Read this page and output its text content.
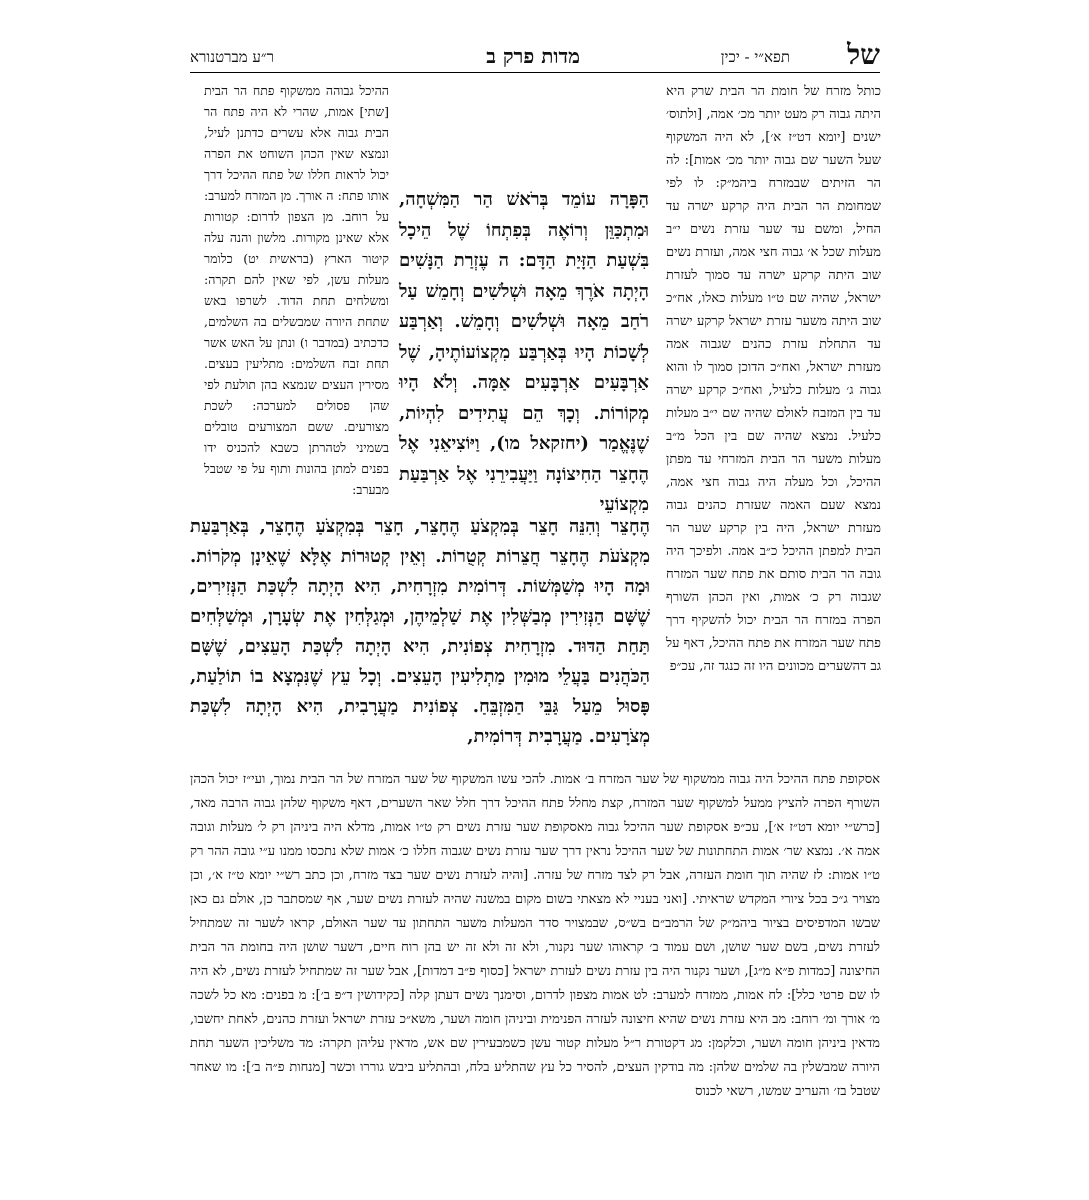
של
תפא״י - יכין
מדות פרק ב
ר״ע מברטנורא

כותל מזרח של חומת הר הבית שרק היא היתה גבוה רק מעט יותר מכ׳ אמה, [ולתוס׳ ישנים [יומא דט״ז א׳], לא היה המשקוף שעל השער שם גבוה יותר מכ׳ אמות]: לה הר הזיתים שבמזרח ביהמ״ק: לו לפי שמחומת הר הבית היה קרקע ישרה עד החיל, ומשם עד שער עזרת נשים י״ב מעלות שכל א׳ גבוה חצי אמה, ועזרת נשים שוב היתה קרקע ישרה עד סמוך לעזרת ישראל, שהיה שם ט״ו מעלות כאלו, אח״כ שוב היתה משער עזרת ישראל קרקע ישרה עד התחלת עזרת כהנים שגבוה אמה מעזרת ישראל, ואח״כ הדוכן סמוך לו והוא גבוה ג׳ מעלות כלעיל, ואח״כ קרקע ישרה עד בין המזבח לאולם שהיה שם י״ב מעלות כלעיל. נמצא שהיה שם בין הכל מ״ב מעלות משער הר הבית המזרחי עד מפתן ההיכל, וכל מעלה היה גבוה חצי אמה, נמצא שעם האמה שעזרת כהנים גבוה מעזרת ישראל, היה בין קרקע שער הר הבית למפתן ההיכל כ״ב אמה. ולפיכך היה גובה הר הבית סותם את פתח שער המזרח שגבוה רק כ׳ אמות, ואין הכהן השורף הפרה במזרח הר הבית יכול להשקיף דרך פתח שער המזרח את פתח ההיכל, דאף על גב דהשערים מכוונים היו זה כנגד זה, עכ״פ

ההיכל גבוהה ממשקוף פתח הר הבית [שתי] אמות, שהרי לא היה פתח הר הבית גבוה אלא עשרים כדתנן לעיל, ונמצא שאין הכהן השוחט את הפרה יכול לראות חללו של פתח ההיכל דרך אותו פתח: ה אורך. מן המזרח למערב: על רוחב. מן הצפון לדרום: קטורות אלא שאינן מקורות. מלשון והנה עלה קיטור הארץ (בראשית יט) כלומר מעלות עשן, לפי שאין להם תקרה: ומשלחים תחת הדוד. לשרפו באש שתחת היורה שמבשלים בה השלמים, כדכתיב (במדבר ו) ונתן על האש אשר תחת זבח השלמים: מתליעין בעצים. מסירין העצים שנמצא בהן תולעת לפי שהן פסולים למערכה: לשכת מצורעים. ששם המצורעים טובלים בשמיני לטהרתן כשבא להכניס ידו בפנים למתן בהונות ותוף על פי שטבל מבערב:

הַפָּרָה עוֹמֵד בְּרֹאשׁ הַר הַמִּשְׁחָה, וּמִתְכַּוֵּן וְרוֹאֶה בְּפִתְחוֹ שֶׁל הֵיכָל בִּשְׁעַת הַזָּיַת הַדָּם: ה עֶזְרַת הַנָּשִׁים הָיְתָה אֹרֶךְ מֵאָה וּשְׁלשִׁים וְחָמֵשׁ עַל רֹחַב מֵאָה וּשְׁלשִׁים וְחָמֵשׁ. וְאַרְבַּע לְשָׁכוֹת הָיוּ בְּאַרְבַּע מִקְצוֹעוֹתֶיהָ, שֶׁל אַרְבָּעִים אַרְבָּעִים אַמָּה. וְלֹא הָיוּ מְקוֹרוֹת. וְכָךְ הֵם עֲתִידִים לִהְיוֹת, שֶׁנֶּאֱמַר (יחזקאל מו), וַיּוֹצִיאֵנִי אֶל הֶחָצֵר הַחִיצוֹנָה וַיַּעֲבִירֵנִי אֶל אַרְבַּעַת מִקְצוֹעֵי

הֶחָצֵר וְהִנֵּה חָצֵר בְּמִקְצֹעַ הֶחָצֵר, חָצֵר בְּמִקְצֹעַ הֶחָצֵר, בְּאַרְבַּעַת מִקְצֹעֹת הֶחָצֵר חֲצֵרוֹת קְטֻרוֹת. וְאֵין קְטוּרוֹת אֶלָּא שֶׁאֵינָן מְקֹרוֹת. וּמָה הָיוּ מְשַׁמְּשׁוֹת. דְּרוֹמִית מִזְרָחִית, הִיא הָיְתָה לִשְׁכַּת הַנְּזִירִים, שֶׁשָּׁם הַנְּזִירִין מְבַשְּׁלִין אֶת שַׁלְמֵיהֶן, וּמְגַלְּחִין אֶת שְׂעָרָן, וּמְשַׁלְּחִים תַּחַת הַדּוּד. מִזְרָחִית צְפוֹנִית, הִיא הָיְתָה לִשְׁכַּת הָעֵצִים, שֶׁשָּׁם הַכֹּהֲנִים בַּעֲלֵי מוּמִין מַתְלִיעִין הָעֵצִים. וְכָל עֵץ שֶׁנִּמְצָא בוֹ תוֹלַעַת, פָּסוּל מֵעַל גַּבֵּי הַמִּזְבֵּחַ. צְפוֹנִית מַעֲרָבִית, הִיא הָיְתָה לִשְׁכַּת מְצֹרָעִים. מַעֲרָבִית דְּרוֹמִית,

אסקופת פתח ההיכל היה גבוה ממשקוף של שער המזרח ב׳ אמות. להכי עשו המשקוף של שער המזרח של הר הבית נמוך, ועי״ז יכול הכהן השורף הפרה להציץ ממעל למשקוף שער המזרח, קצת מחלל פתח ההיכל דרך חלל שאר השערים, דאף משקוף שלהן גבוה הרבה מאד, [כרש״י יומא דט״ז א׳], עכ״פ אסקופת שער ההיכל גבוה מאסקופת שער עזרת נשים רק ט״ו אמות, מדלא היה ביניהן רק ל׳ מעלות וגובה אמה א׳. נמצא שר׳ אמות התחתונות של שער ההיכל נראין דרך שער עזרת נשים שגבוה חללו כ׳ אמות שלא נתכסו ממנו ע״י גובה ההר רק ט״ו אמות: לז שהיה תוך חומת העזרה, אבל רק לצד מזרח של עזרה. [והיה לעזרת נשים שער בצד מזרח, וכן כתב רש״י יומא ט״ז א׳, וכן מצויר ג״כ בכל ציורי המקדש שראיתי. [ואני בעניי לא מצאתי בשום מקום במשנה שהיה לעזרת נשים שער, אף שמסתבר כן, אולם גם כאן שבשו המדפיסים בציור ביהמ״ק של הרמב״ם בש״ס, שבמצויר סדר המעלות משער התחתון עד שער האולם, קראו לשער זה שמתחיל לעזרת נשים, בשם שער שושן, ושם עמוד ב׳ קראוהו שער נקנור, ולא זה ולא זה יש בהן רוח חיים, דשער שושן היה בחומת הר הבית החיצונה [כמדות פ״א מ״ג], ושער נקנור היה בין עזרת נשים לעזרת ישראל [כסוף פ״ב דמדות], אבל שער זה שמתחיל לעזרת נשים, לא היה לו שם פרטי כלל]: לח אמות, ממזרח למערב: לט אמות מצפון לדרום, וסימנך נשים דעתן קלה [כקידושין ד״פ ב׳]: מ בפנים: מא כל לשכה מ׳ אורך ומ׳ רוחב: מב היא עזרת נשים שהיא חיצונה לעזרה הפנימית וביניהן חומה ושער, משא״כ עזרת ישראל ועזרת כהנים, לאחת יחשבו, מדאין ביניהן חומה ושער, וכלקמן: מג דקטורת ר״ל מעלות קטור עשן כשמבעירין שם אש, מדאין עליהן תקרה: מד משליכין השער תחת היורה שמבשלין בה שלמים שלהן: מה בודקין העצים, להסיר כל עץ שהתליע בלח, ובהתליע ביבש גוררו וכשר [מנחות פ״ה ב׳]: מו שאחר שטבל בז׳ והעריב שמשו, רשאי לכנוס
